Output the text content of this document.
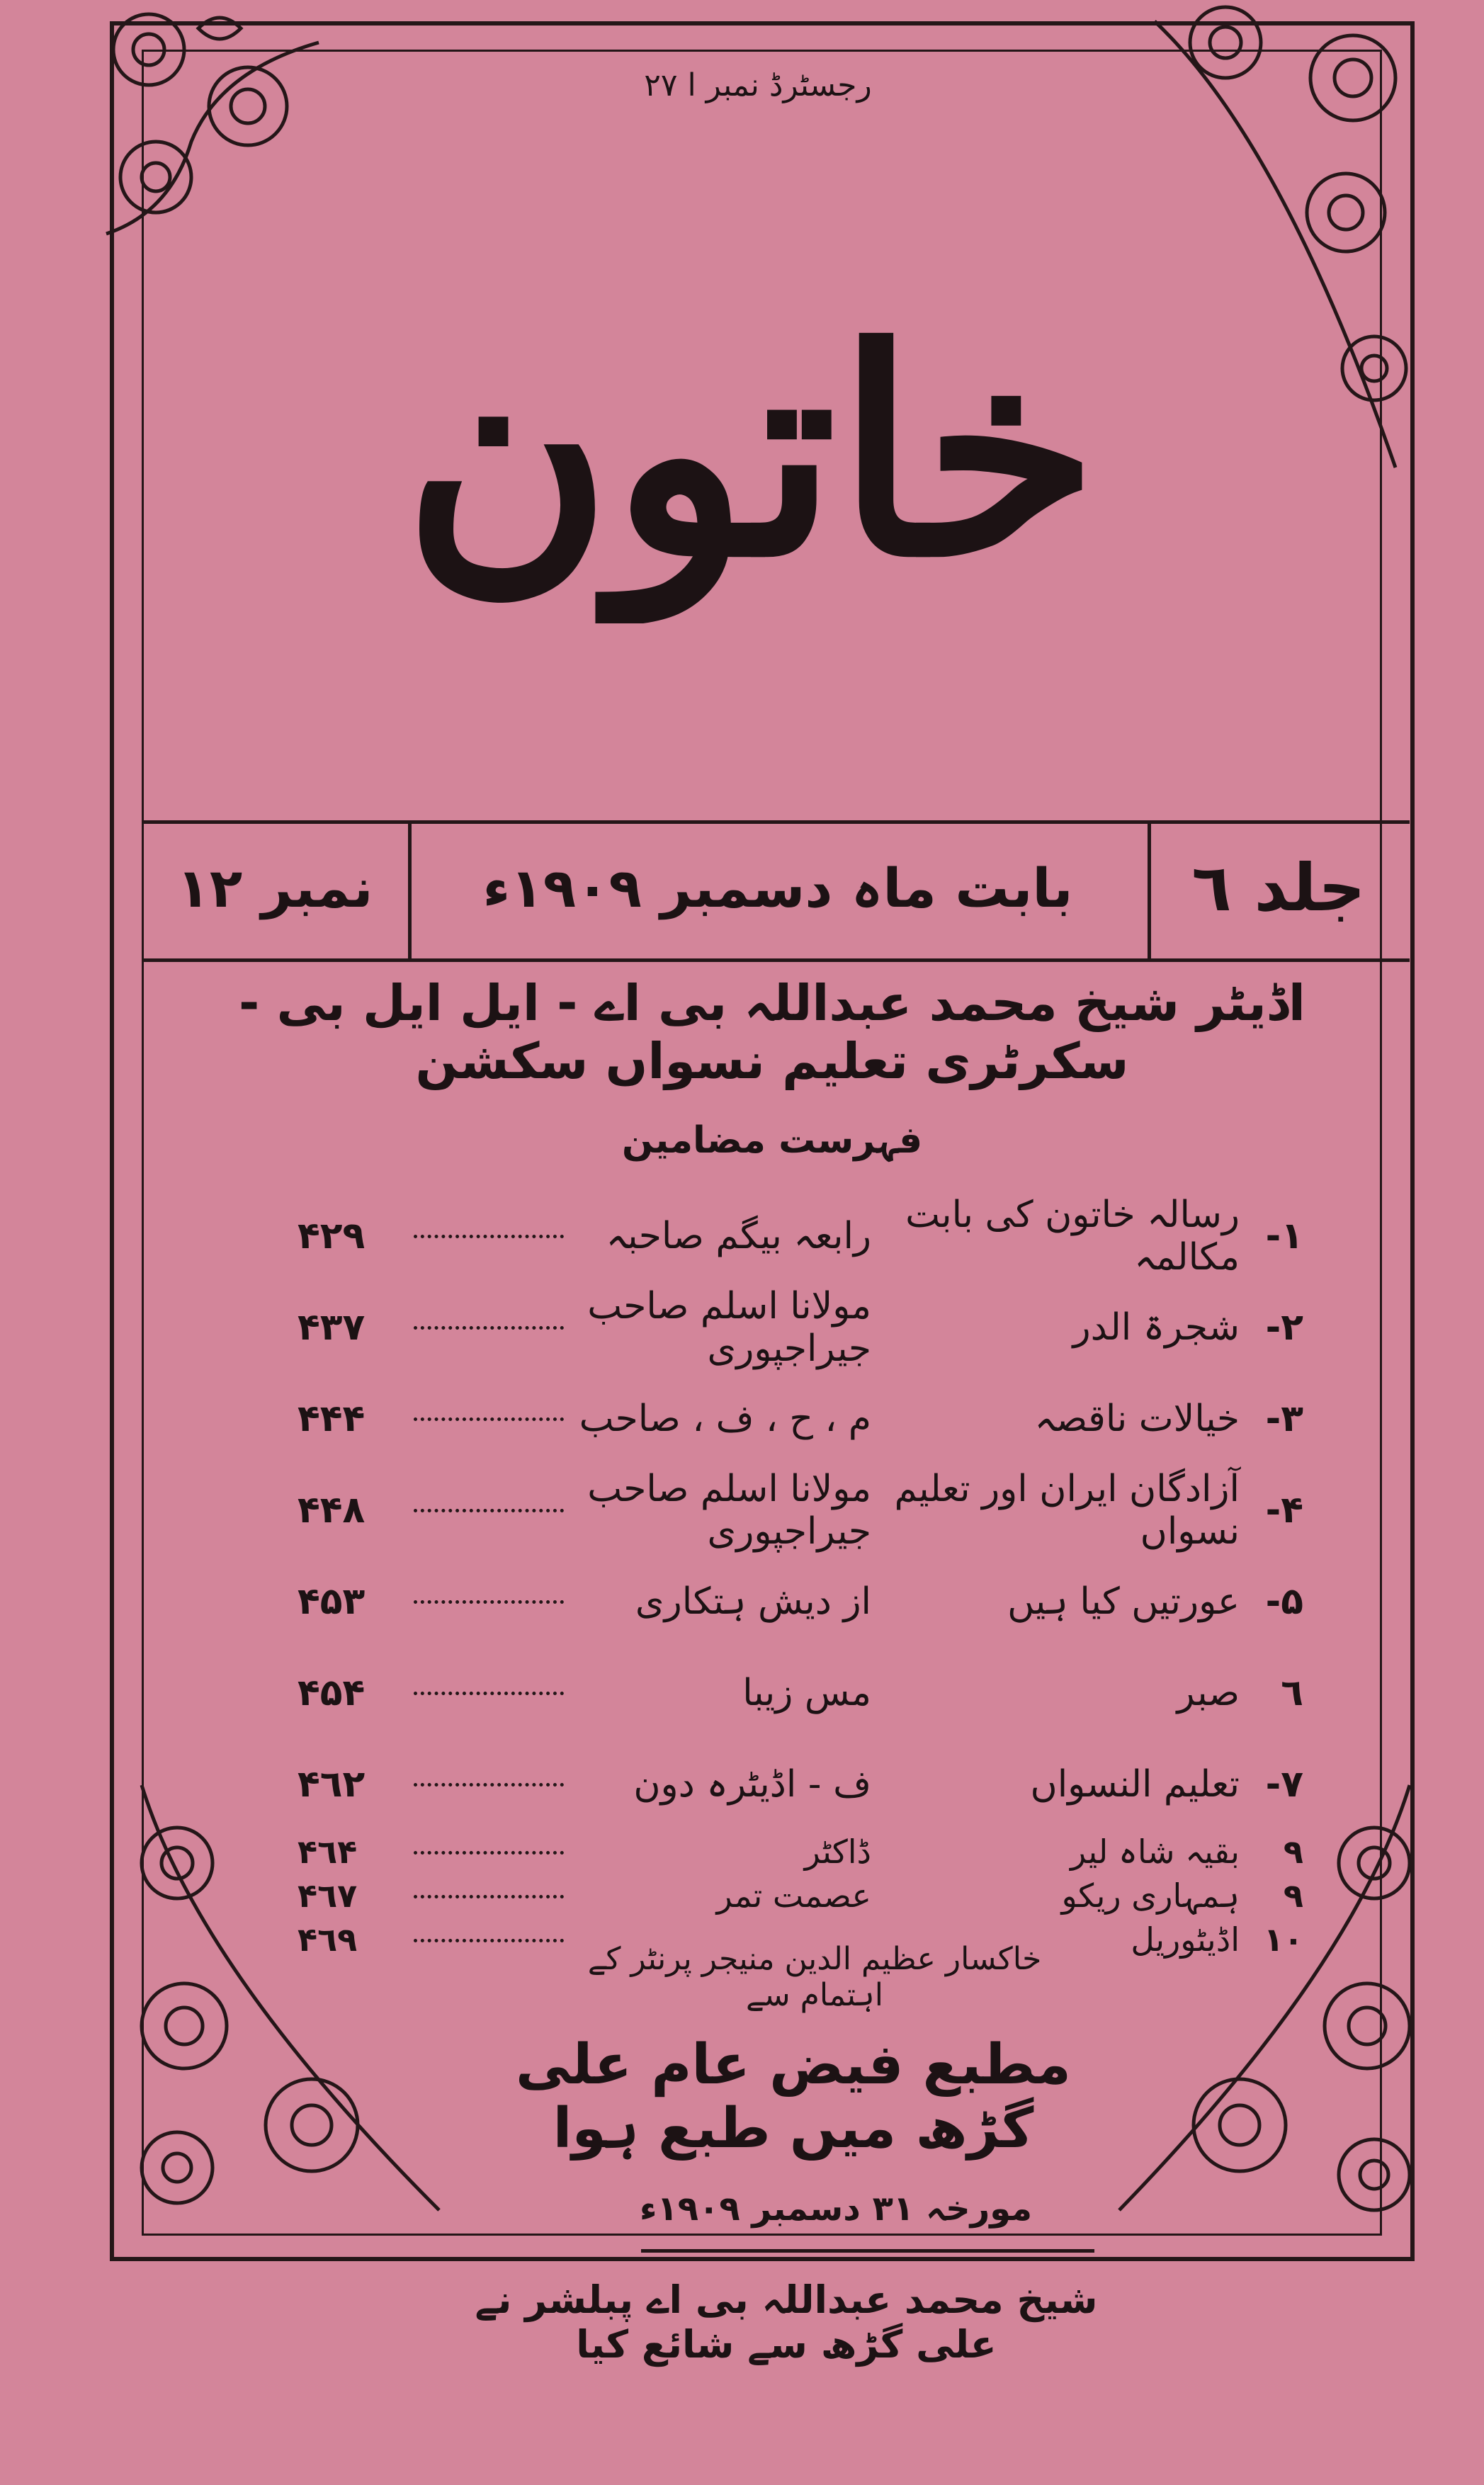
رجسٹرڈ نمبر ا ۲۷
خاتون
جلد ٦
بابت ماہ دسمبر ۱۹۰۹ء
نمبر ۱۲
اڈیٹر شیخ محمد عبداللہ بی اے - ایل ایل بی - سکرٹری تعلیم نسواں سکشن
فہرست مضامین
۱-
رسالہ خاتون کی بابت مکالمہ
رابعہ بیگم صاحبہ
۴۲۹
۲-
شجرۃ الدر
مولانا اسلم صاحب جیراجپوری
۴۳۷
۳-
خیالات ناقصہ
م ، ح ، ف ، صاحب
۴۴۴
۴-
آزادگان ایران اور تعلیم نسواں
مولانا اسلم صاحب جیراجپوری
۴۴۸
۵-
عورتیں کیا ہیں
از دیش ہتکاری
۴۵۳
٦
صبر
مس زیبا
۴۵۴
۷-
تعلیم النسواں
ف - اڈیٹرہ دون
۴٦۲
۹
بقیہ شاہ لیر
ڈاکٹر
۴٦۴
۹
ہمہاری ریکو
عصمت تمر
۴٦۷
۱۰
اڈیٹوریل
۴٦۹
خاکسار عظیم الدین منیجر پرنٹر کے اہتمام سے
مطبع فیض عام علی گڑھ میں طبع ہوا
مورخہ ۳۱ دسمبر ۱۹۰۹ء
شیخ محمد عبداللہ بی اے پبلشر نے علی گڑھ سے شائع کیا
